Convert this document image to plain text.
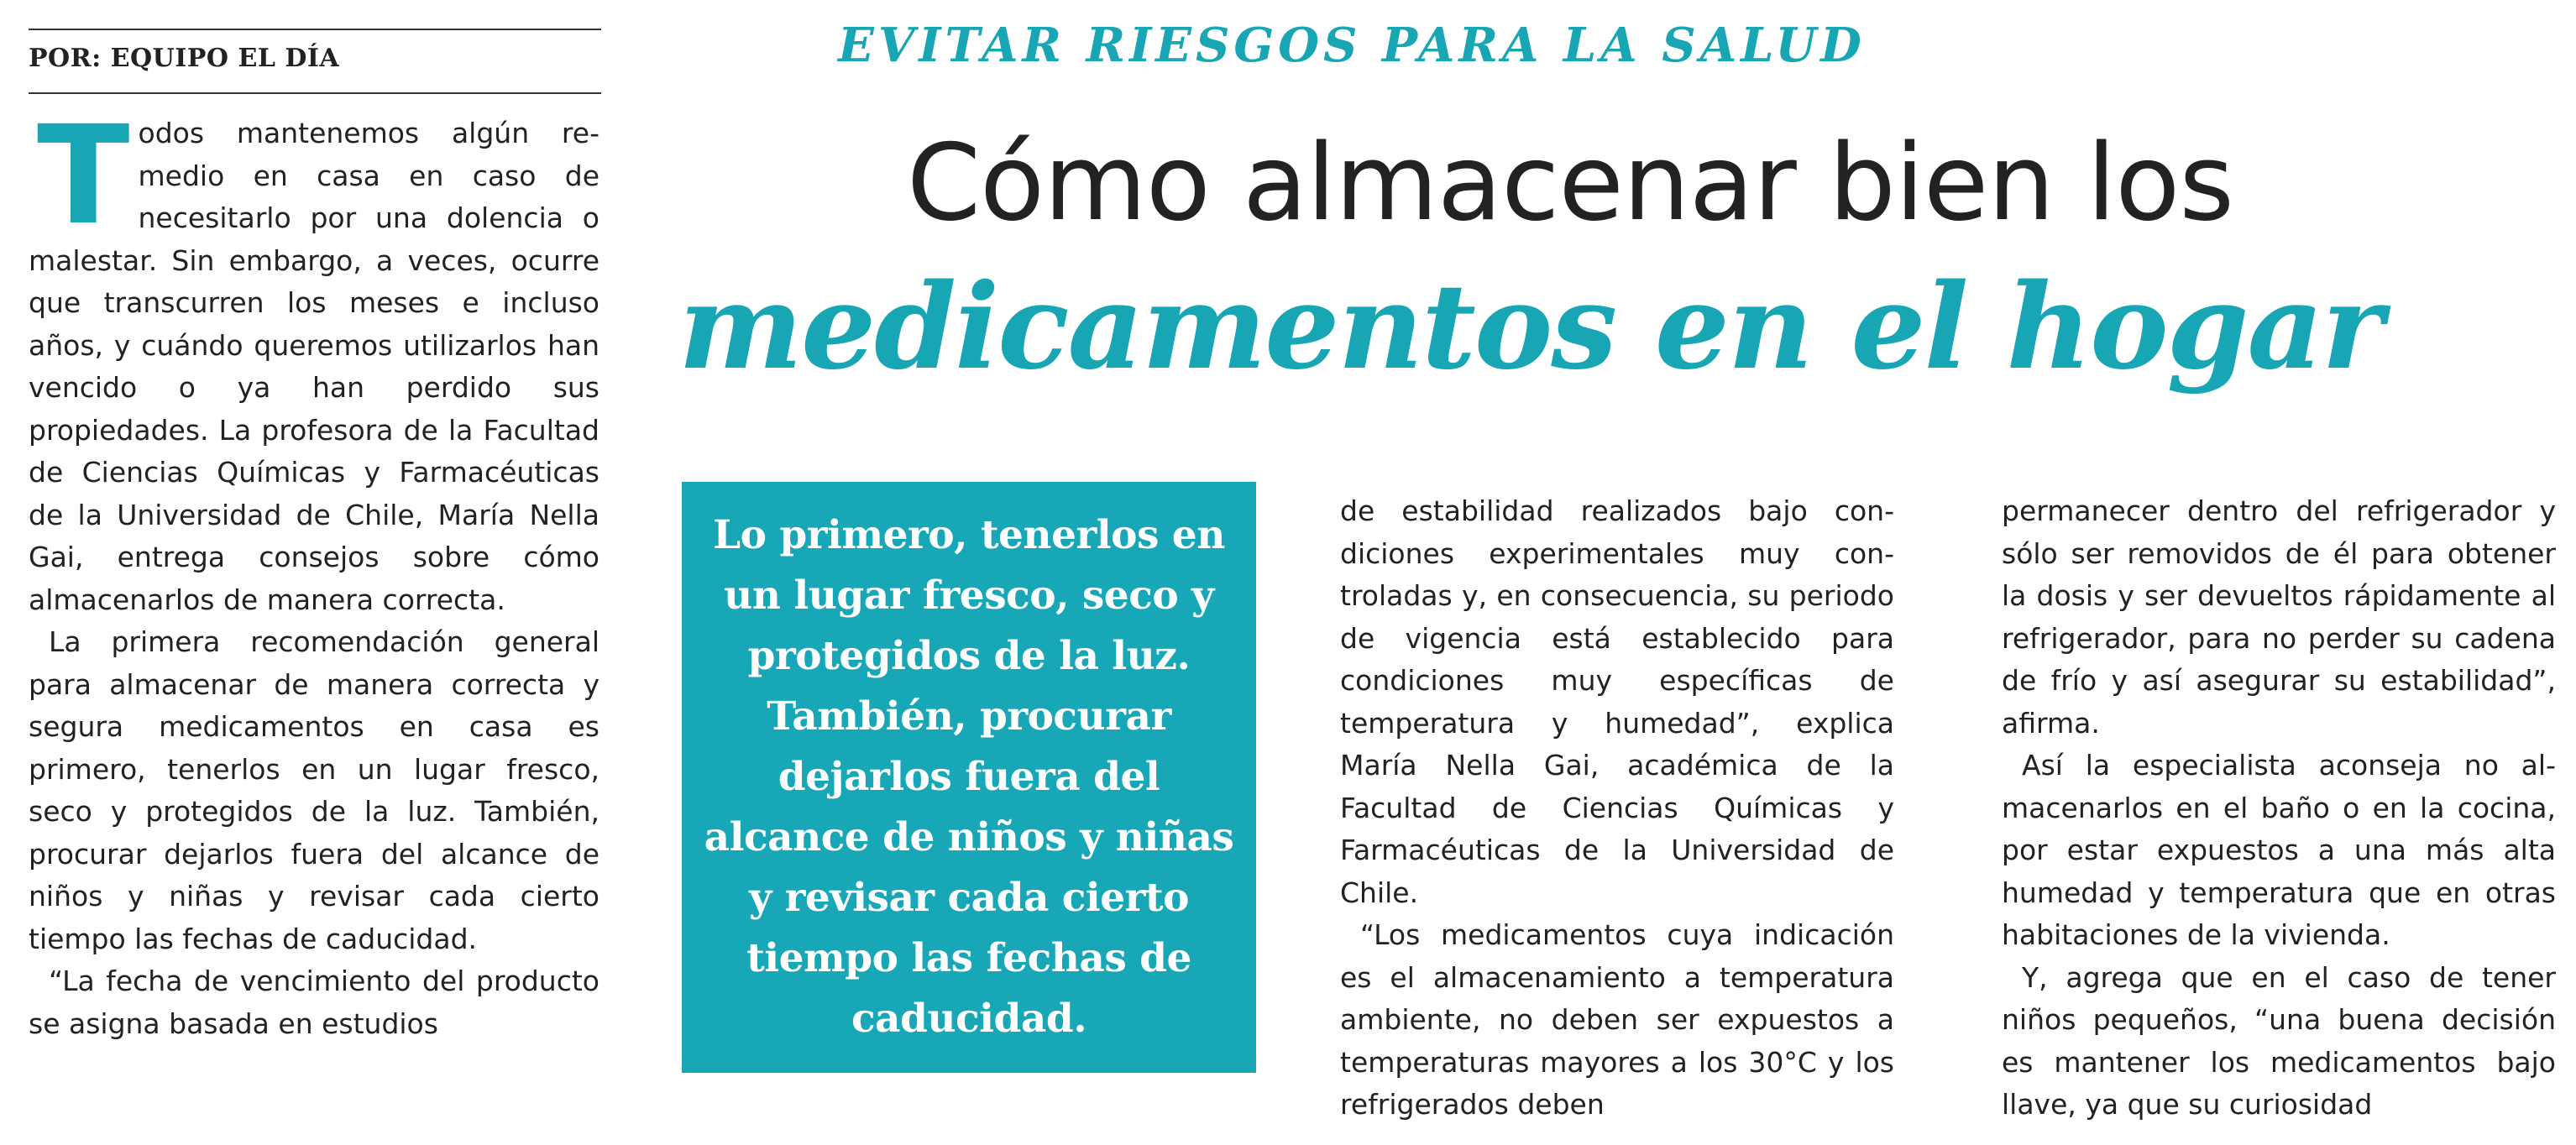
POR: EQUIPO EL DÍA	EVITAR RIESGOS PARA LA SALUD
Cómo almacenar bien los
medicamentos en el hogar

Todos mantenemos algún remedio en casa en caso de necesitarlo por una dolencia o malestar. Sin embargo, a veces, ocurre que transcurren los meses e incluso años, y cuándo queremos utilizarlos han vencido o ya han perdido sus propiedades. La profesora de la Facultad de Ciencias Químicas y Farmacéuticas de la Universidad de Chile, María Nella Gai, entrega consejos sobre cómo almacenarlos de manera correcta.

La primera recomendación general para almacenar de manera correcta y segura medicamentos en casa es primero, tenerlos en un lugar fresco, seco y protegidos de la luz. También, procurar dejarlos fuera del alcance de niños y niñas y revisar cada cierto tiempo las fechas de caducidad.

“La fecha de vencimiento del producto se asigna basada en estudios

Lo primero, tenerlos en un lugar fresco, seco y protegidos de la luz. También, procurar dejarlos fuera del alcance de niños y niñas y revisar cada cierto tiempo las fechas de caducidad.

de estabilidad realizados bajo condiciones experimentales muy controladas y, en consecuencia, su periodo de vigencia está establecido para condiciones muy específicas de temperatura y humedad”, explica María Nella Gai, académica de la Facultad de Ciencias Químicas y Farmacéuticas de la Universidad de Chile.

“Los medicamentos cuya indicación es el almacenamiento a temperatura ambiente, no deben ser expuestos a temperaturas mayores a los 30°C y los refrigerados deben

permanecer dentro del refrigerador y sólo ser removidos de él para obtener la dosis y ser devueltos rápidamente al refrigerador, para no perder su cadena de frío y así asegurar su estabilidad”, afirma.

Así la especialista aconseja no almacenarlos en el baño o en la cocina, por estar expuestos a una más alta humedad y temperatura que en otras habitaciones de la vivienda.

Y, agrega que en el caso de tener niños pequeños, “una buena decisión es mantener los medicamentos bajo llave, ya que su curiosidad
